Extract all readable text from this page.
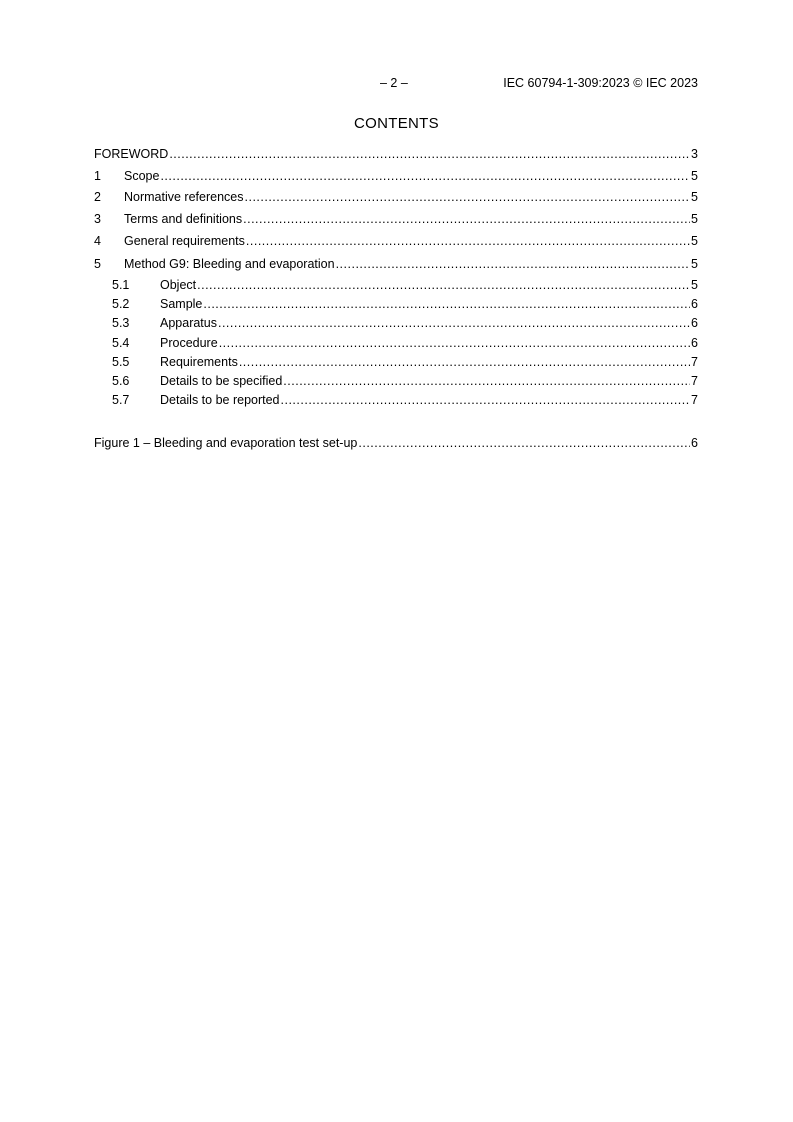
– 2 –	IEC 60794-1-309:2023 © IEC 2023
CONTENTS
FOREWORD .....	3
1	Scope .....	5
2	Normative references .....	5
3	Terms and definitions .....	5
4	General requirements .....	5
5	Method G9: Bleeding and evaporation .....	5
5.1	Object .....	5
5.2	Sample .....	6
5.3	Apparatus .....	6
5.4	Procedure .....	6
5.5	Requirements .....	7
5.6	Details to be specified .....	7
5.7	Details to be reported .....	7
Figure 1 – Bleeding and evaporation test set-up .....	6
